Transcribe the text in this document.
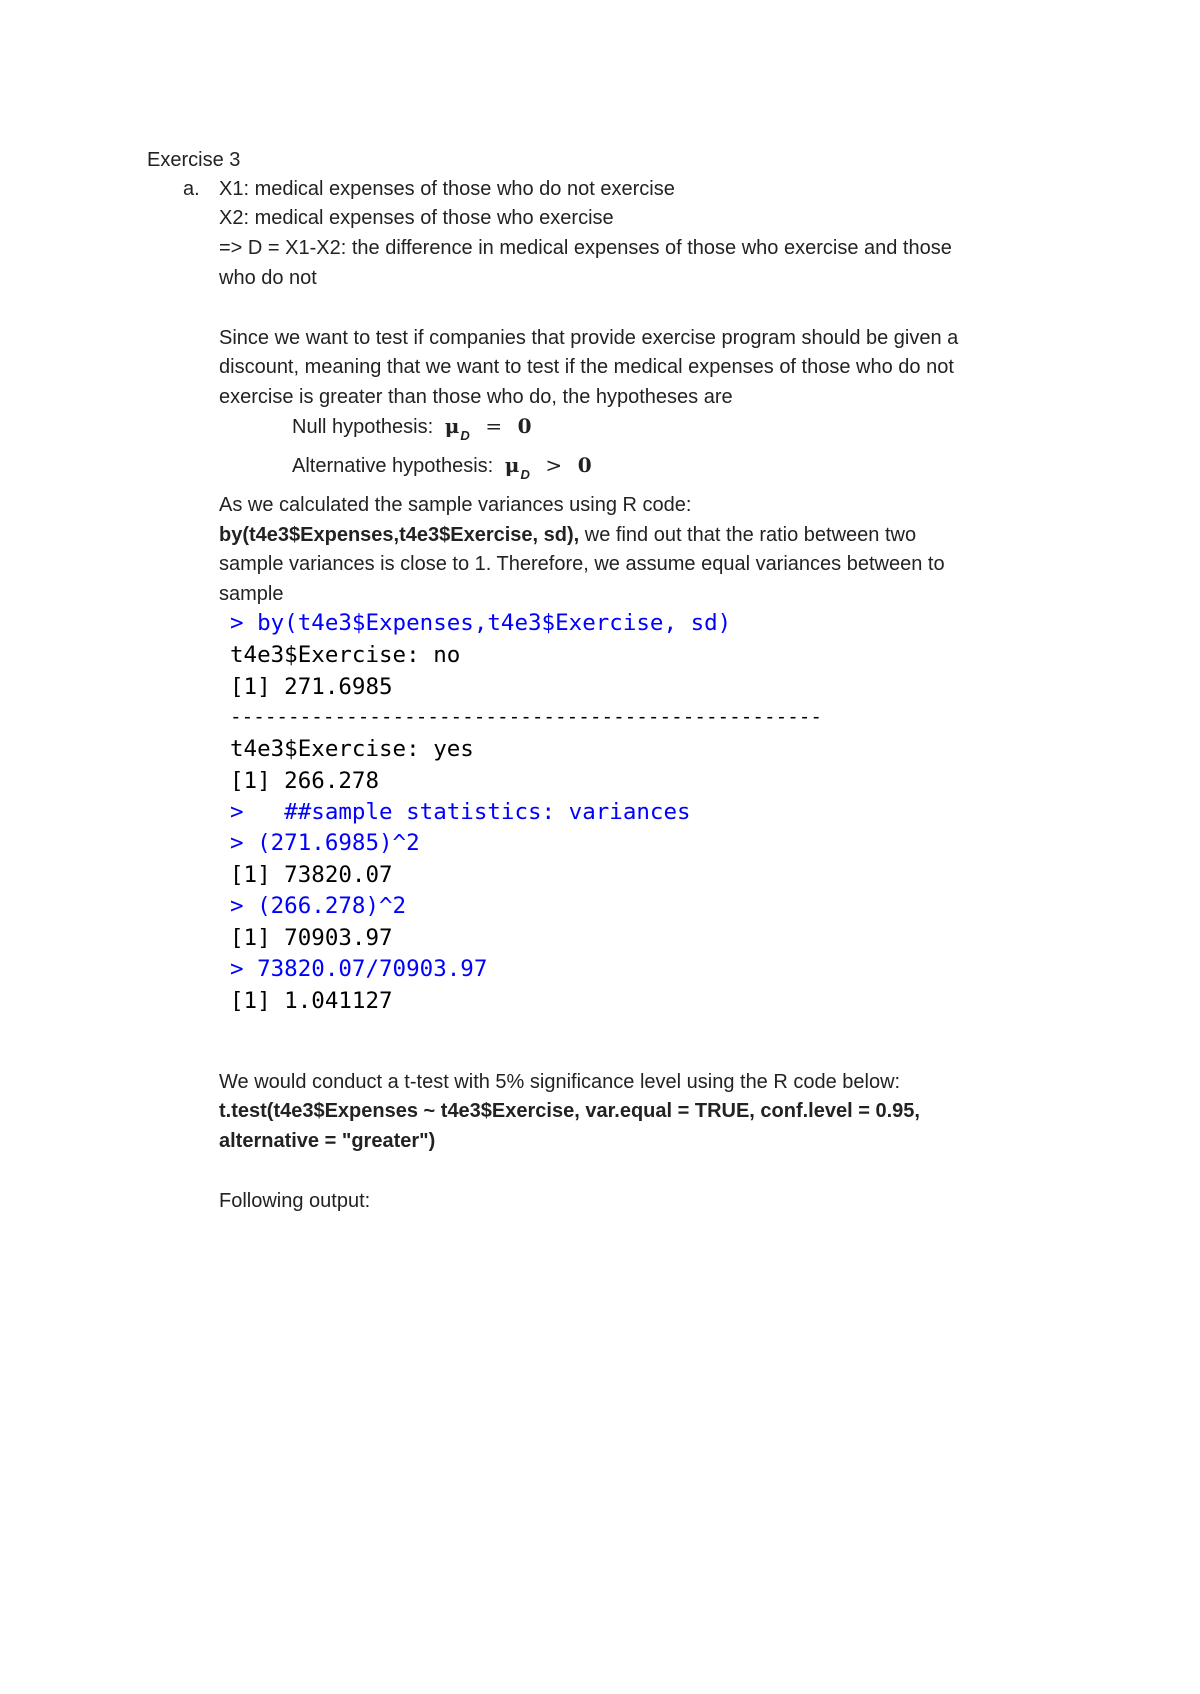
Exercise 3
a. X1: medical expenses of those who do not exercise
X2: medical expenses of those who exercise
=> D = X1-X2: the difference in medical expenses of those who exercise and those
who do not
Since we want to test if companies that provide exercise program should be given a
discount, meaning that we want to test if the medical expenses of those who do not
exercise is greater than those who do, the hypotheses are
Null hypothesis: $\mu_D = 0$
Alternative hypothesis: $\mu_D > 0$
As we calculated the sample variances using R code:
by(t4e3$Expenses,t4e3$Exercise, sd), we find out that the ratio between two
sample variances is close to 1. Therefore, we assume equal variances between to
sample
> by(t4e3$Expenses,t4e3$Exercise, sd)
t4e3$Exercise: no
[1] 271.6985
---------------------------------------------------
t4e3$Exercise: yes
[1] 266.278
>   ##sample statistics: variances
> (271.6985)^2
[1] 73820.07
> (266.278)^2
[1] 70903.97
> 73820.07/70903.97
[1] 1.041127
We would conduct a t-test with 5% significance level using the R code below:
t.test(t4e3$Expenses ~ t4e3$Exercise, var.equal = TRUE, conf.level = 0.95,
alternative = "greater")
Following output:
